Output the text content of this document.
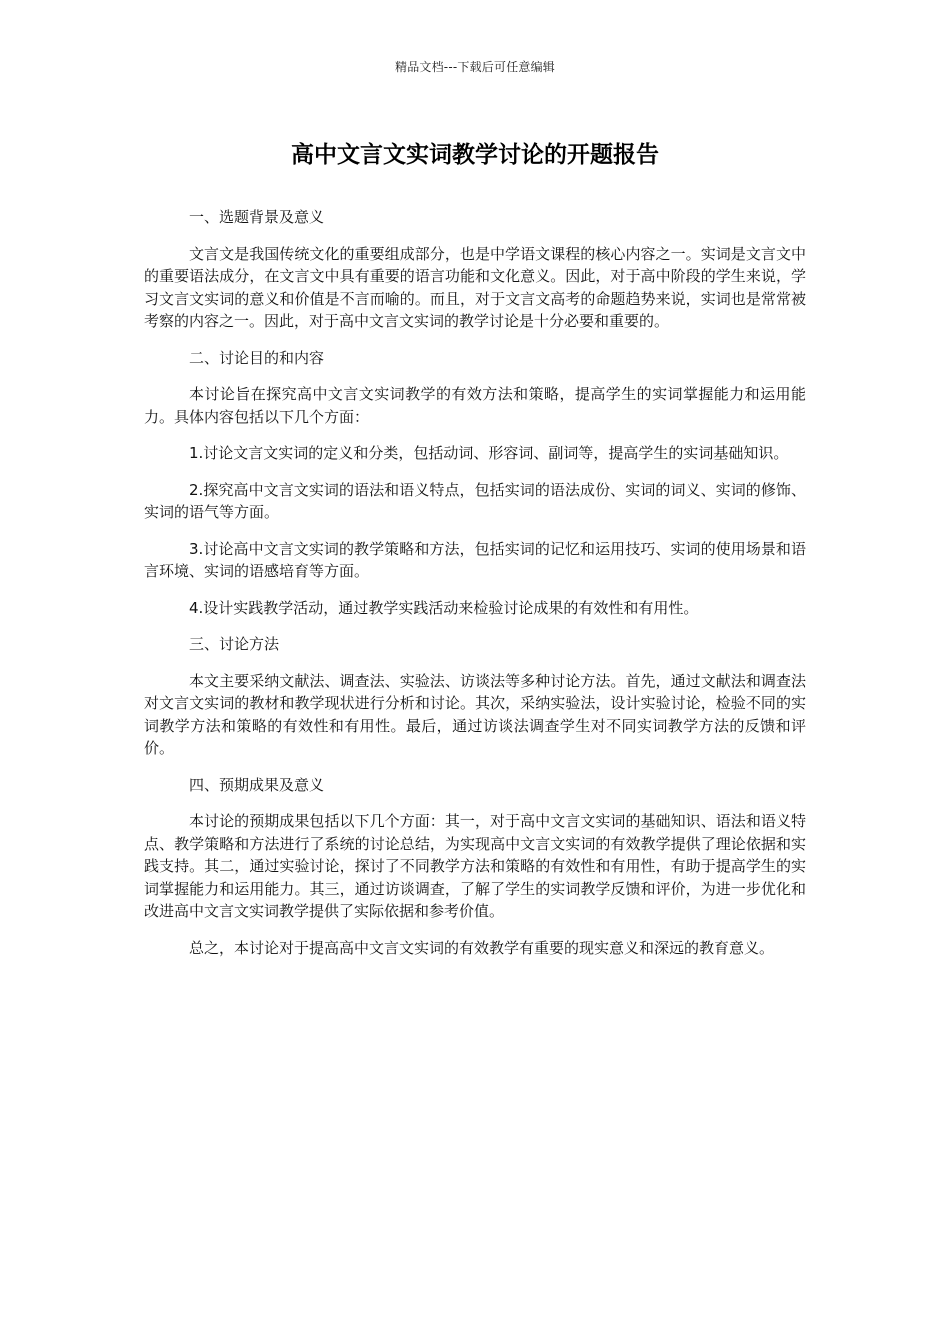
精品文档---下载后可任意编辑
高中文言文实词教学讨论的开题报告

一、选题背景及意义

文言文是我国传统文化的重要组成部分，也是中学语文课程的核心内容之一。实词是文言文中的重要语法成分，在文言文中具有重要的语言功能和文化意义。因此，对于高中阶段的学生来说，学习文言文实词的意义和价值是不言而喻的。而且，对于文言文高考的命题趋势来说，实词也是常常被考察的内容之一。因此，对于高中文言文实词的教学讨论是十分必要和重要的。

二、讨论目的和内容

本讨论旨在探究高中文言文实词教学的有效方法和策略，提高学生的实词掌握能力和运用能力。具体内容包括以下几个方面：

1.讨论文言文实词的定义和分类，包括动词、形容词、副词等，提高学生的实词基础知识。

2.探究高中文言文实词的语法和语义特点，包括实词的语法成份、实词的词义、实词的修饰、实词的语气等方面。

3.讨论高中文言文实词的教学策略和方法，包括实词的记忆和运用技巧、实词的使用场景和语言环境、实词的语感培育等方面。

4.设计实践教学活动，通过教学实践活动来检验讨论成果的有效性和有用性。

三、讨论方法

本文主要采纳文献法、调查法、实验法、访谈法等多种讨论方法。首先，通过文献法和调查法对文言文实词的教材和教学现状进行分析和讨论。其次，采纳实验法，设计实验讨论，检验不同的实词教学方法和策略的有效性和有用性。最后，通过访谈法调查学生对不同实词教学方法的反馈和评价。

四、预期成果及意义

本讨论的预期成果包括以下几个方面：其一，对于高中文言文实词的基础知识、语法和语义特点、教学策略和方法进行了系统的讨论总结，为实现高中文言文实词的有效教学提供了理论依据和实践支持。其二，通过实验讨论，探讨了不同教学方法和策略的有效性和有用性，有助于提高学生的实词掌握能力和运用能力。其三，通过访谈调查，了解了学生的实词教学反馈和评价，为进一步优化和改进高中文言文实词教学提供了实际依据和参考价值。

总之，本讨论对于提高高中文言文实词的有效教学有重要的现实意义和深远的教育意义。
